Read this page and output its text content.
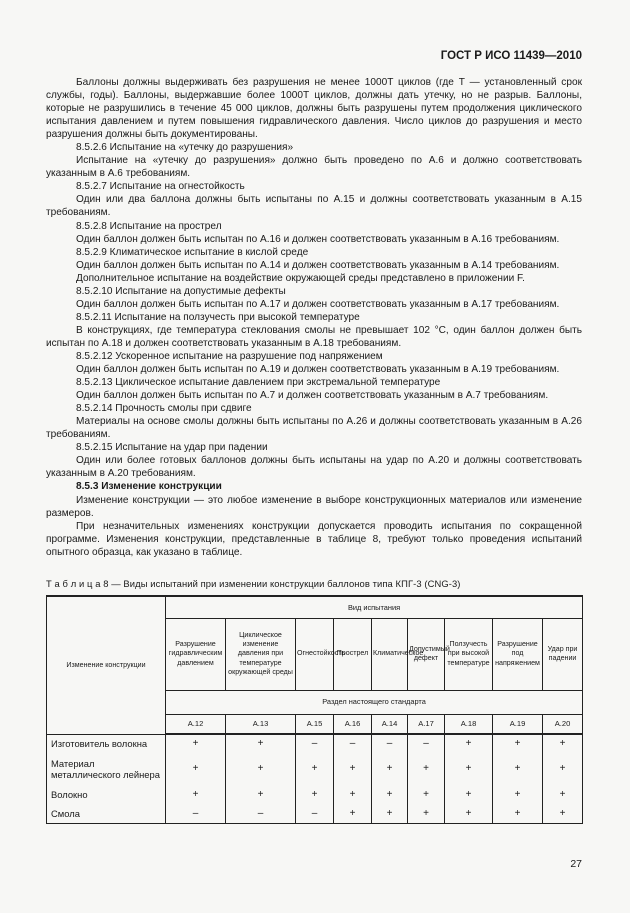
ГОСТ Р ИСО 11439—2010

Баллоны должны выдерживать без разрушения не менее 1000T циклов (где T — установленный срок службы, годы). Баллоны, выдержавшие более 1000T циклов, должны дать утечку, но не разрыв. Баллоны, которые не разрушились в течение 45 000 циклов, должны быть разрушены путем продолжения циклического испытания давлением и путем повышения гидравлического давления. Число циклов до разрушения и место разрушения должны быть документированы.

8.5.2.6 Испытание на «утечку до разрушения»

Испытание на «утечку до разрушения» должно быть проведено по А.6 и должно соответствовать указанным в А.6 требованиям.

8.5.2.7 Испытание на огнестойкость

Один или два баллона должны быть испытаны по А.15 и должны соответствовать указанным в А.15 требованиям.

8.5.2.8 Испытание на прострел

Один баллон должен быть испытан по А.16 и должен соответствовать указанным в А.16 требованиям.

8.5.2.9 Климатическое испытание в кислой среде

Один баллон должен быть испытан по А.14 и должен соответствовать указанным в А.14 требованиям.

Дополнительное испытание на воздействие окружающей среды представлено в приложении F.

8.5.2.10 Испытание на допустимые дефекты

Один баллон должен быть испытан по А.17 и должен соответствовать указанным в А.17 требованиям.

8.5.2.11 Испытание на ползучесть при высокой температуре

В конструкциях, где температура стеклования смолы не превышает 102 °С, один баллон должен быть испытан по А.18 и должен соответствовать указанным в А.18 требованиям.

8.5.2.12 Ускоренное испытание на разрушение под напряжением

Один баллон должен быть испытан по А.19 и должен соответствовать указанным в А.19 требованиям.

8.5.2.13 Циклическое испытание давлением при экстремальной температуре

Один баллон должен быть испытан по А.7 и должен соответствовать указанным в А.7 требованиям.

8.5.2.14 Прочность смолы при сдвиге

Материалы на основе смолы должны быть испытаны по А.26 и должны соответствовать указанным в А.26 требованиям.

8.5.2.15 Испытание на удар при падении

Один или более готовых баллонов должны быть испытаны на удар по А.20 и должны соответствовать указанным в А.20 требованиям.

8.5.3 Изменение конструкции

Изменение конструкции — это любое изменение в выборе конструкционных материалов или изменение размеров.

При незначительных изменениях конструкции допускается проводить испытания по сокращенной программе. Изменения конструкции, представленные в таблице 8, требуют только проведения испытаний опытного образца, как указано в таблице.

Т а б л и ц а 8 — Виды испытаний при изменении конструкции баллонов типа КПГ-3 (CNG-3)
Изменение конструкции	Вид испытания								
	Разрушение гидравлическим давлением	Циклическое изменение давления при температуре окружающей среды	Огнестойкость	Прострел	Климатическое	Допустимый дефект	Ползучесть при высокой температуре	Разрушение под напряжением	Удар при падении
	Раздел настоящего стандарта								
	А.12	А.13	А.15	А.16	А.14	А.17	А.18	А.19	А.20
Изготовитель волокна	+	+	–	–	–	–	+	+	+
Материал металлического лейнера	+	+	+	+	+	+	+	+	+
Волокно	+	+	+	+	+	+	+	+	+
Смола	–	–	–	+	+	+	+	+	+
27
